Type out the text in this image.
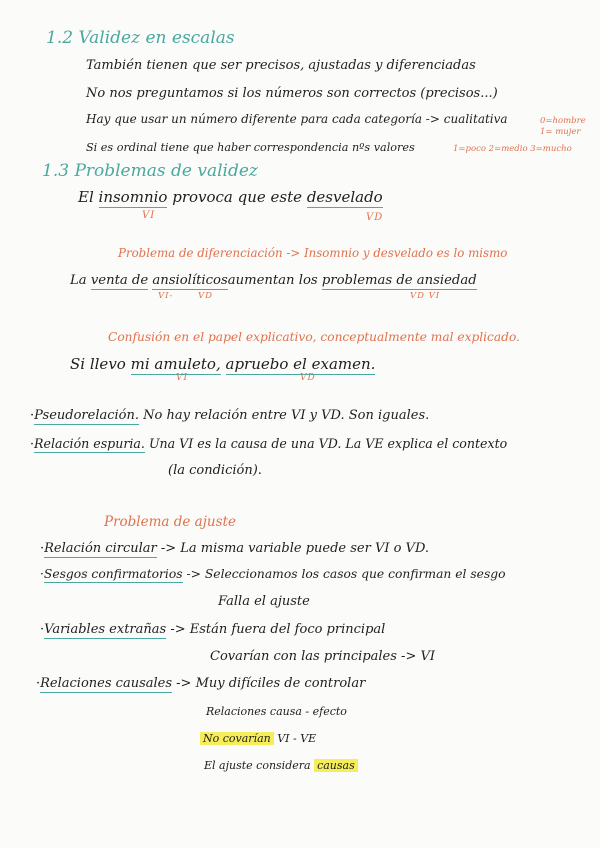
1.2 Validez en escalas
También tienen que ser precisos, ajustadas y diferenciadas
No nos preguntamos si los números son correctos (precisos...)
Hay que usar un número diferente para cada categoría -> cualitativa	0=hombre
1= mujer
Si es ordinal tiene que haber correspondencia nºs valores	1=poco 2=medio 3=mucho
1.3 Problemas de validez
El insomnio provoca que este desvelado
VI	VD
Problema de diferenciación -> Insomnio y desvelado es lo mismo
La venta de ansiolíticosaumentan los problemas de ansiedad
VI-	VD	VD VI
Confusión en el papel explicativo, conceptualmente mal explicado.
Si llevo mi amuleto, apruebo el examen.
VI	VD
·Pseudorelación. No hay relación entre VI y VD. Son iguales.
·Relación espuria. Una VI es la causa de una VD. La VE explica el contexto
(la condición).
Problema de ajuste
·Relación circular -> La misma variable puede ser VI o VD.
·Sesgos confirmatorios -> Seleccionamos los casos que confirman el sesgo
Falla el ajuste
·Variables extrañas -> Están fuera del foco principal
Covarían con las principales -> VI
·Relaciones causales -> Muy difíciles de controlar
Relaciones causa - efecto
No covarían VI - VE
El ajuste considera causas
